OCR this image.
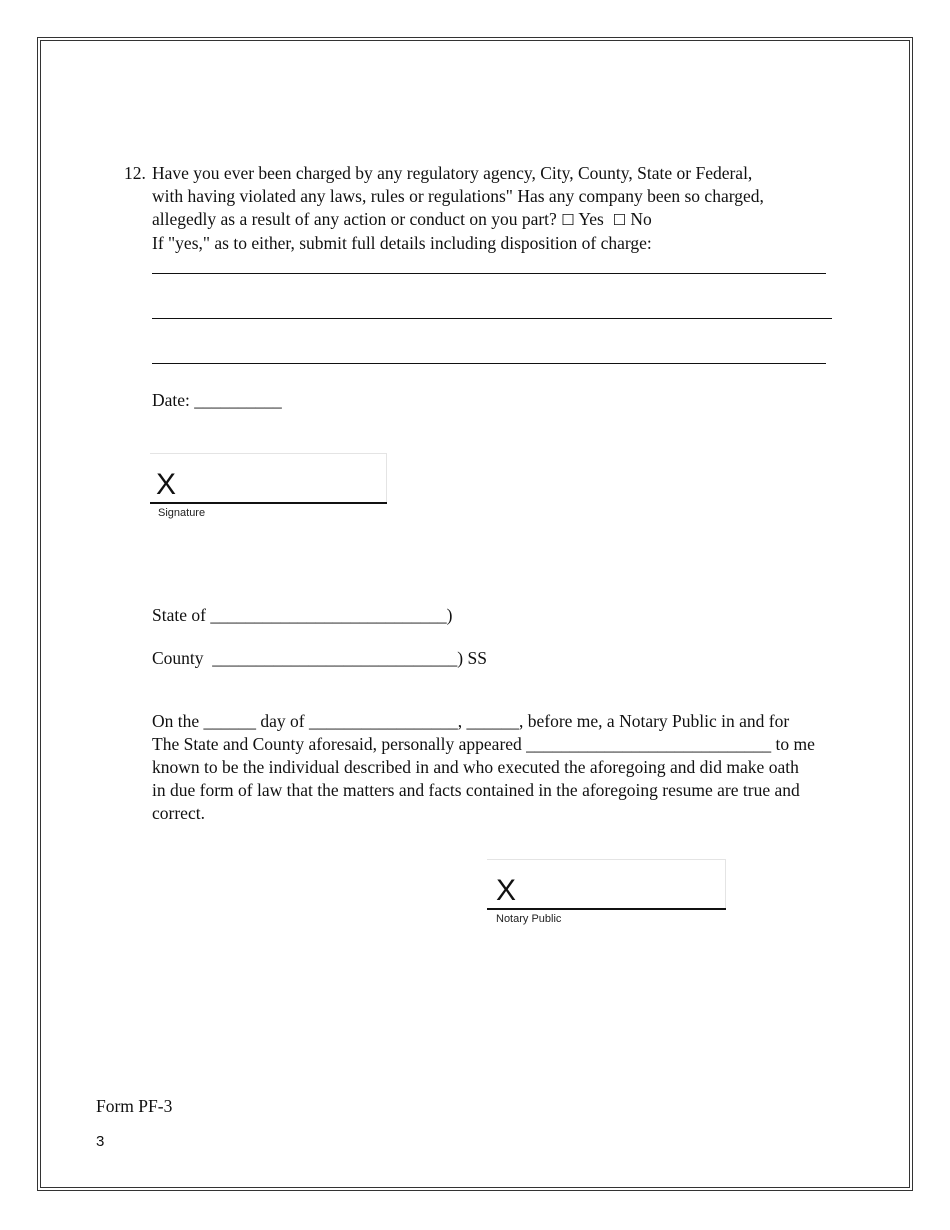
12. Have you ever been charged by any regulatory agency, City, County, State or Federal,

with having violated any laws, rules or regulations" Has any company been so charged,

allegedly as a result of any action or conduct on you part? ☐ Yes ☐ No

If "yes," as to either, submit full details including disposition of charge:

Date: __________
X
Signature
State of ___________________________)
County ____________________________) SS

On the ______ day of _________________, ______, before me, a Notary Public in and for

The State and County aforesaid, personally appeared ____________________________ to me

known to be the individual described in and who executed the aforegoing and did make oath

in due form of law that the matters and facts contained in the aforegoing resume are true and

correct.

X
Notary Public
Form PF-3
3
